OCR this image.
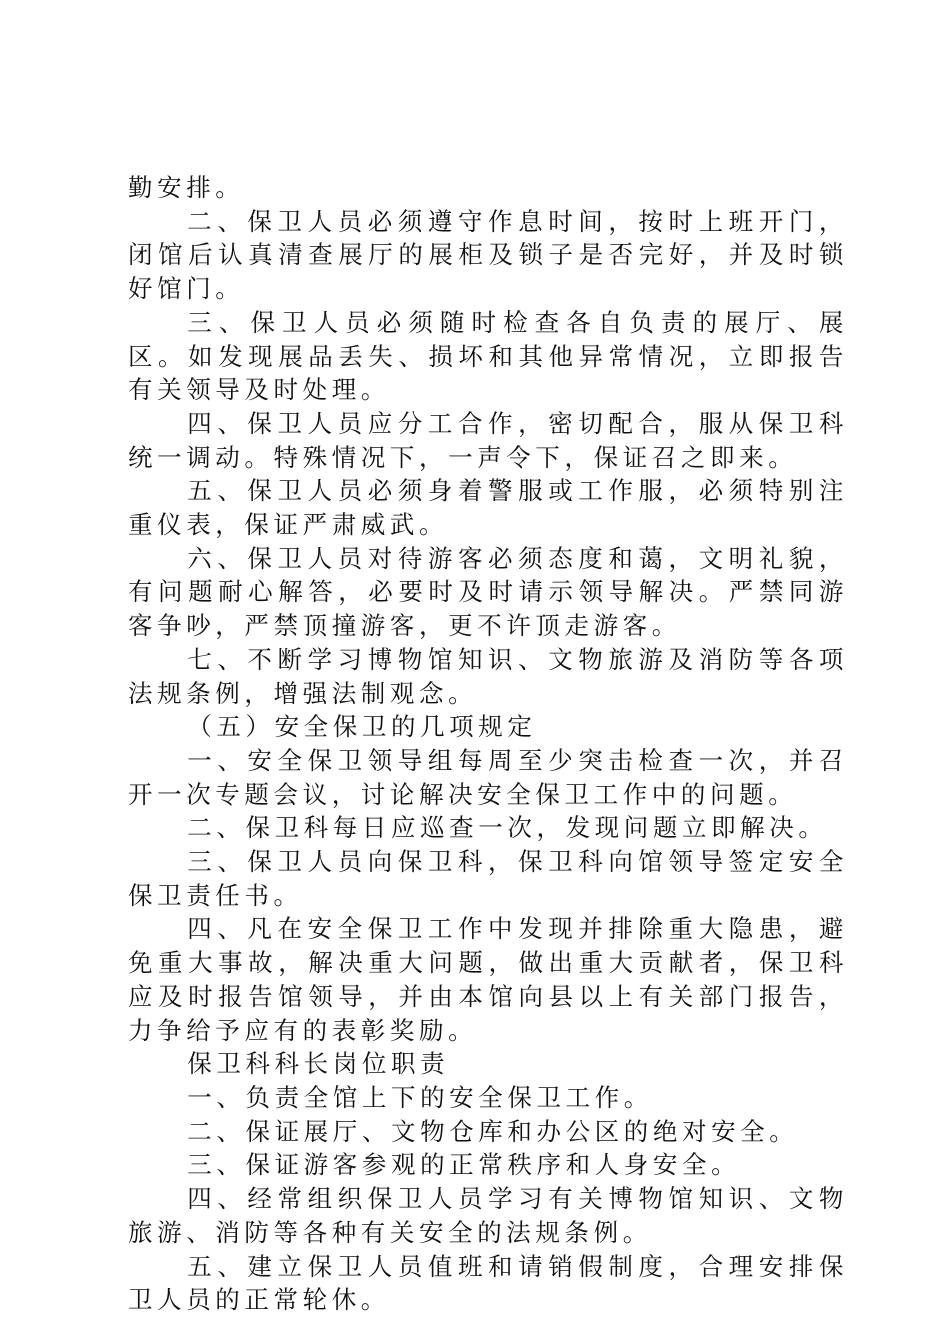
勤安排。

二、保卫人员必须遵守作息时间，按时上班开门，闭馆后认真清查展厅的展柜及锁子是否完好，并及时锁好馆门。

三、保卫人员必须随时检查各自负责的展厅、展区。如发现展品丢失、损坏和其他异常情况，立即报告有关领导及时处理。

四、保卫人员应分工合作，密切配合，服从保卫科统一调动。特殊情况下，一声令下，保证召之即来。

五、保卫人员必须身着警服或工作服，必须特别注重仪表，保证严肃威武。

六、保卫人员对待游客必须态度和蔼，文明礼貌，有问题耐心解答，必要时及时请示领导解决。严禁同游客争吵，严禁顶撞游客，更不许顶走游客。

七、不断学习博物馆知识、文物旅游及消防等各项法规条例，增强法制观念。

（五）安全保卫的几项规定

一、安全保卫领导组每周至少突击检查一次，并召开一次专题会议，讨论解决安全保卫工作中的问题。

二、保卫科每日应巡查一次，发现问题立即解决。

三、保卫人员向保卫科，保卫科向馆领导签定安全保卫责任书。

四、凡在安全保卫工作中发现并排除重大隐患，避免重大事故，解决重大问题，做出重大贡献者，保卫科应及时报告馆领导，并由本馆向县以上有关部门报告，力争给予应有的表彰奖励。

保卫科科长岗位职责

一、负责全馆上下的安全保卫工作。

二、保证展厅、文物仓库和办公区的绝对安全。

三、保证游客参观的正常秩序和人身安全。

四、经常组织保卫人员学习有关博物馆知识、文物旅游、消防等各种有关安全的法规条例。

五、建立保卫人员值班和请销假制度，合理安排保卫人员的正常轮休。
